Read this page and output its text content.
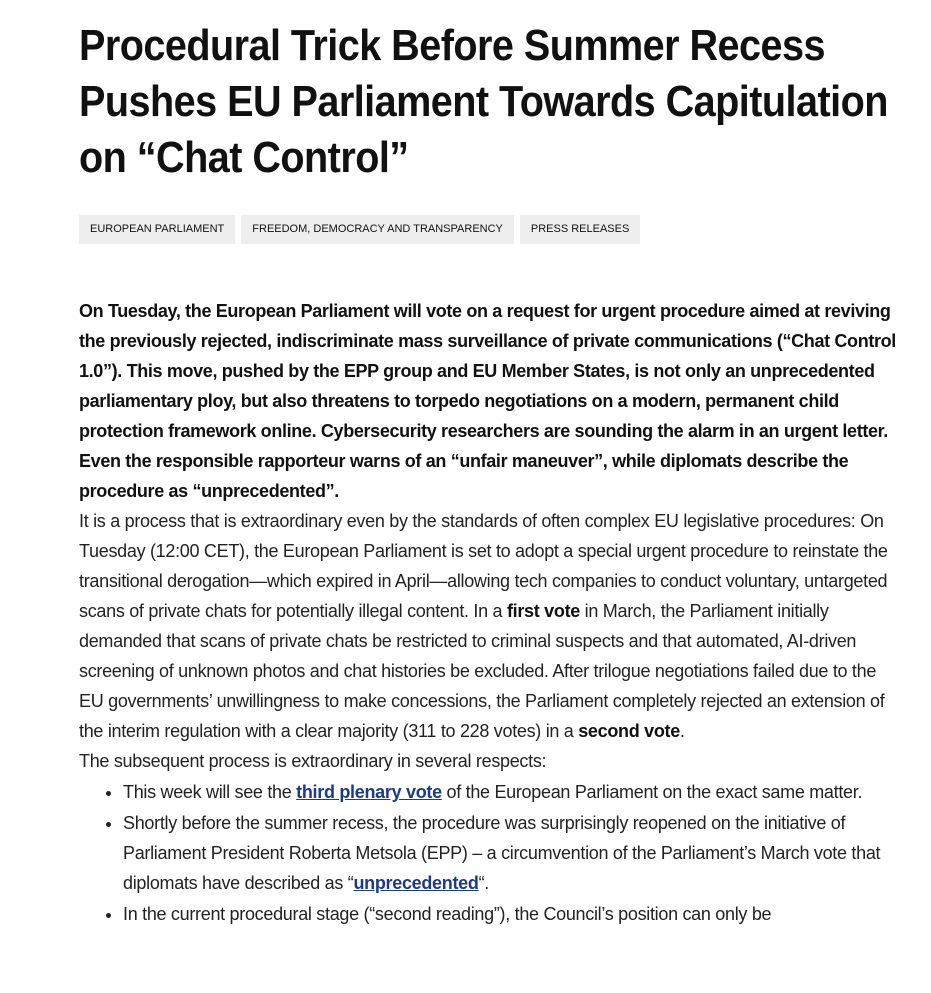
Procedural Trick Before Summer Recess Pushes EU Parliament Towards Capitulation on “Chat Control”
EUROPEAN PARLIAMENT	FREEDOM, DEMOCRACY AND TRANSPARENCY	PRESS RELEASES

On Tuesday, the European Parliament will vote on a request for urgent procedure aimed at reviving the previously rejected, indiscriminate mass surveillance of private communications (“Chat Control 1.0”). This move, pushed by the EPP group and EU Member States, is not only an unprecedented parliamentary ploy, but also threatens to torpedo negotiations on a modern, permanent child protection framework online. Cybersecurity researchers are sounding the alarm in an urgent letter. Even the responsible rapporteur warns of an “unfair maneuver”, while diplomats describe the procedure as “unprecedented”.

It is a process that is extraordinary even by the standards of often complex EU legislative procedures: On Tuesday (12:00 CET), the European Parliament is set to adopt a special urgent procedure to reinstate the transitional derogation—which expired in April—allowing tech companies to conduct voluntary, untargeted scans of private chats for potentially illegal content. In a first vote in March, the Parliament initially demanded that scans of private chats be restricted to criminal suspects and that automated, AI-driven screening of unknown photos and chat histories be excluded. After trilogue negotiations failed due to the EU governments’ unwillingness to make concessions, the Parliament completely rejected an extension of the interim regulation with a clear majority (311 to 228 votes) in a second vote.

The subsequent process is extraordinary in several respects:

• This week will see the third plenary vote of the European Parliament on the exact same matter.
• Shortly before the summer recess, the procedure was surprisingly reopened on the initiative of Parliament President Roberta Metsola (EPP) – a circumvention of the Parliament’s March vote that diplomats have described as “unprecedented“.
• In the current procedural stage (“second reading”), the Council’s position can only be
